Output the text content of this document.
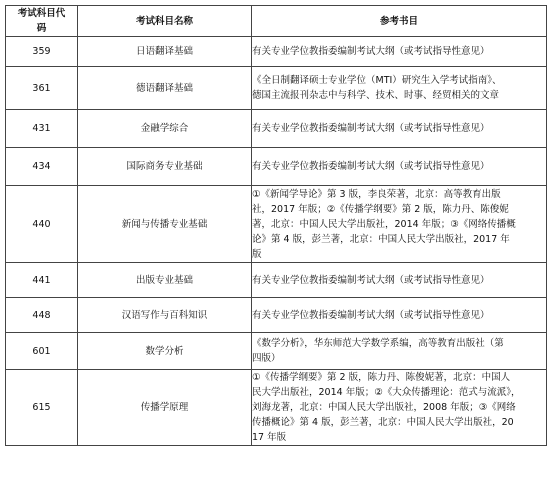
考试科目代码	考试科目名称	参考书目
359	日语翻译基础	有关专业学位教指委编制考试大纲（或考试指导性意见）

361	德语翻译基础	《全日制翻译硕士专业学位（MTI）研究生入学考试指南》、
德国主流报刊杂志中与科学、技术、时事、经贸相关的文章

431	金融学综合	有关专业学位教指委编制考试大纲（或考试指导性意见）

434	国际商务专业基础	有关专业学位教指委编制考试大纲（或考试指导性意见）

440	新闻与传播专业基础	①《新闻学导论》第 3 版，李良荣著，北京：高等教育出版
社，2017 年版；②《传播学纲要》第 2 版，陈力丹、陈俊妮
著，北京：中国人民大学出版社，2014 年版；③《网络传播概
论》第 4 版，彭兰著，北京：中国人民大学出版社，2017 年
版

441	出版专业基础	有关专业学位教指委编制考试大纲（或考试指导性意见）

448	汉语写作与百科知识	有关专业学位教指委编制考试大纲（或考试指导性意见）

601	数学分析	《数学分析》，华东师范大学数学系编，高等教育出版社（第
四版）

615	传播学原理	①《传播学纲要》第 2 版，陈力丹、陈俊妮著，北京：中国人
民大学出版社，2014 年版；②《大众传播理论：范式与流派》，
刘海龙著，北京：中国人民大学出版社，2008 年版；③《网络
传播概论》第 4 版，彭兰著，北京：中国人民大学出版社，20
17 年版
